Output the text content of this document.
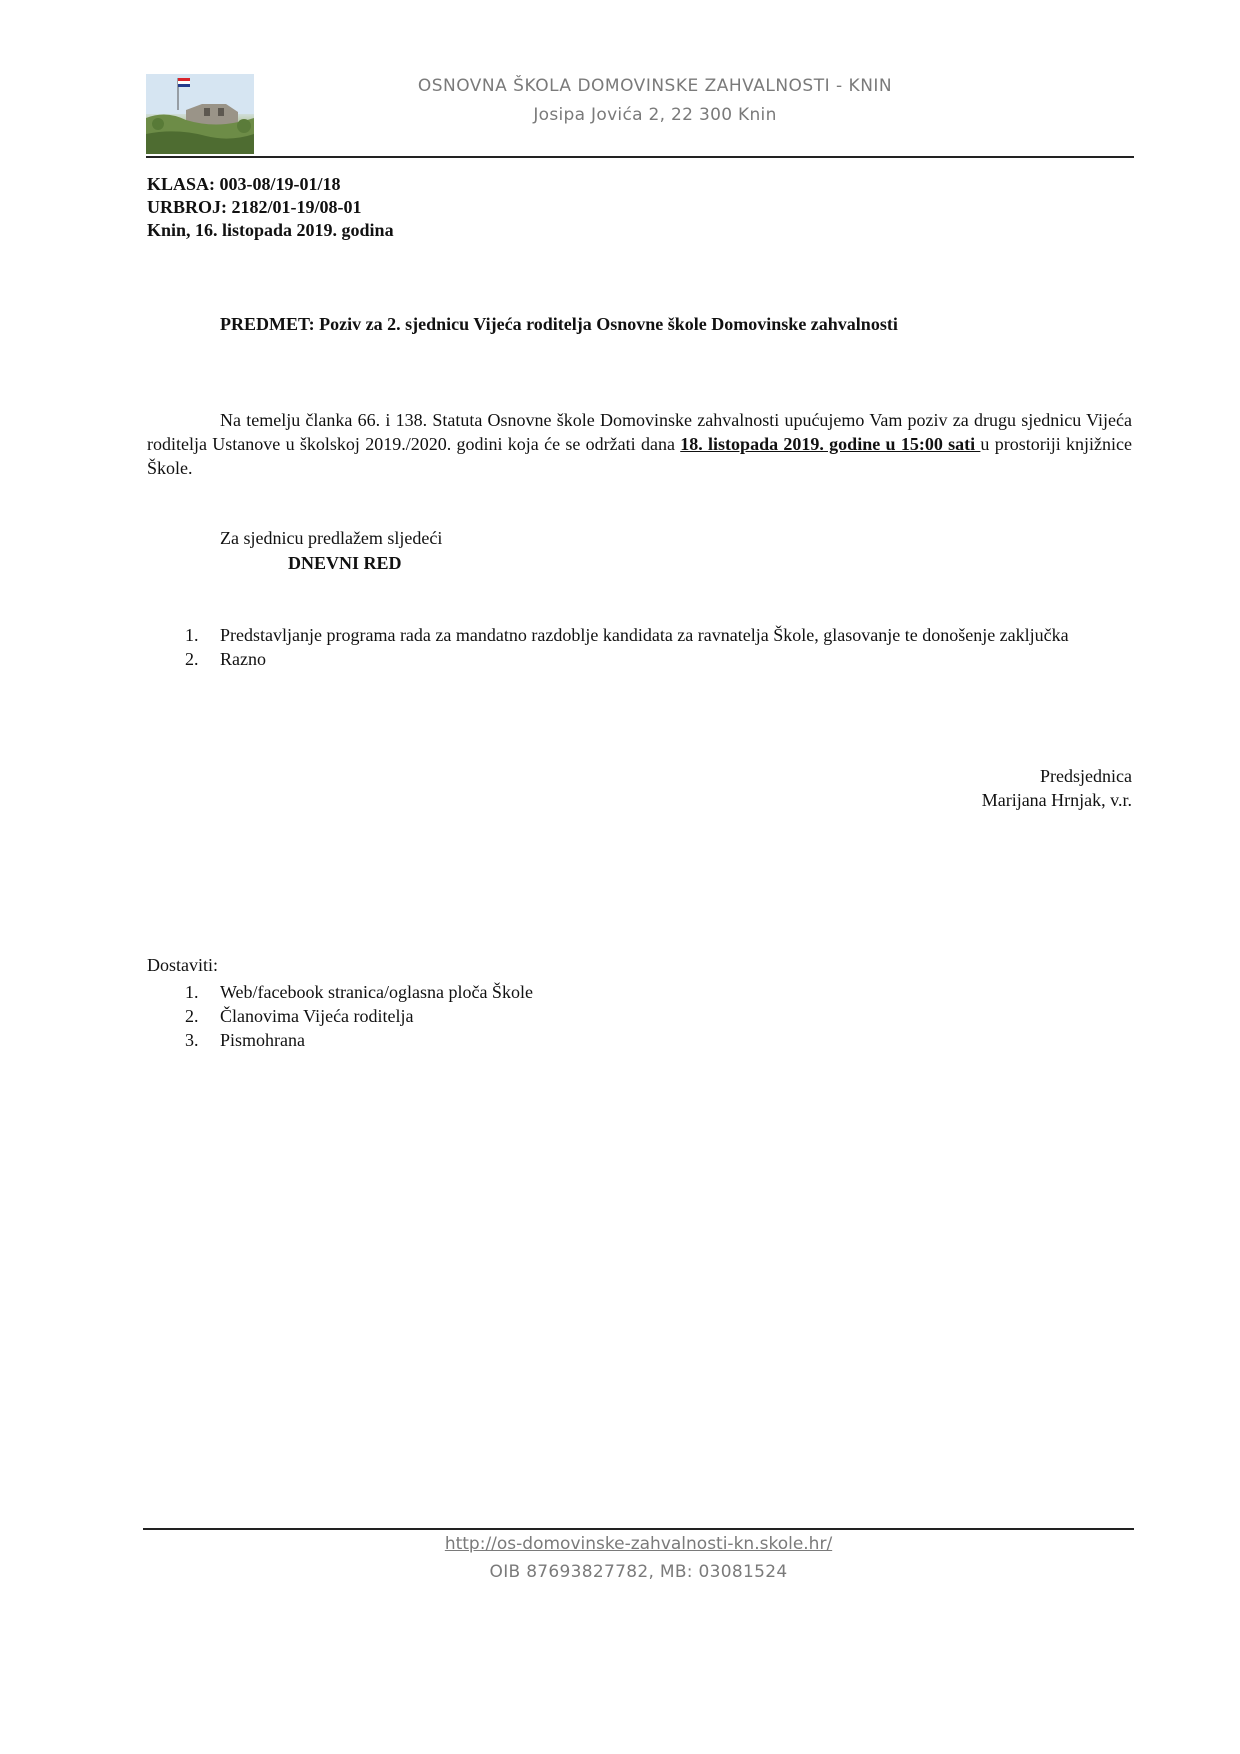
OSNOVNA ŠKOLA DOMOVINSKE ZAHVALNOSTI - KNIN
Josipa Jovića 2, 22 300 Knin
KLASA: 003-08/19-01/18
URBROJ: 2182/01-19/08-01
Knin, 16. listopada 2019. godina
PREDMET: Poziv za 2. sjednicu Vijeća roditelja Osnovne škole Domovinske zahvalnosti
Na temelju članka 66. i 138. Statuta Osnovne škole Domovinske zahvalnosti upućujemo Vam poziv za drugu sjednicu Vijeća roditelja Ustanove u školskoj 2019./2020. godini koja će se održati dana 18. listopada 2019. godine u 15:00 sati u prostoriji knjižnice Škole.
Za sjednicu predlažem sljedeći
DNEVNI RED
1. Predstavljanje programa rada za mandatno razdoblje kandidata za ravnatelja Škole, glasovanje te donošenje zaključka
2. Razno
Predsjednica
Marijana Hrnjak, v.r.
Dostaviti:
1. Web/facebook stranica/oglasna ploča Škole
2. Članovima Vijeća roditelja
3. Pismohrana
http://os-domovinske-zahvalnosti-kn.skole.hr/
OIB 87693827782, MB: 03081524
